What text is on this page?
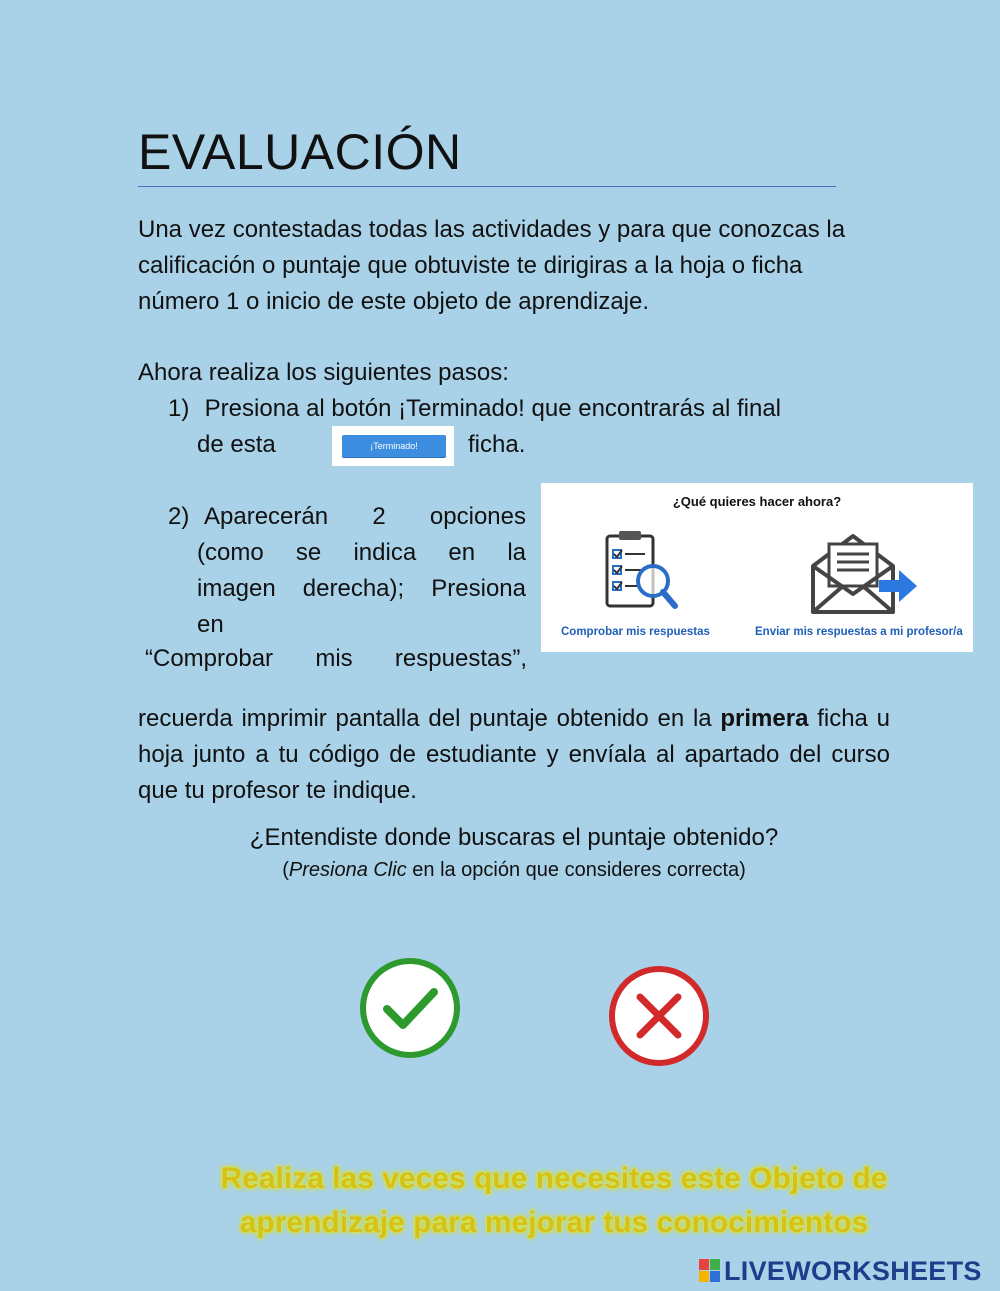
EVALUACIÓN

Una vez contestadas todas las actividades y para que conozcas la calificación o puntaje que obtuviste te dirigiras a la hoja o ficha número 1 o inicio de este objeto de aprendizaje.

Ahora realiza los siguientes pasos:

1) Presiona al botón ¡Terminado! que encontrarás al final
de esta	¡Terminado!	ficha.
2) Aparecerán 2 opciones
(como se indica en la
imagen derecha); Presiona
en
“Comprobar mis respuestas”,

recuerda imprimir pantalla del puntaje obtenido en la primera ficha u hoja junto a tu código de estudiante y envíala al apartado del curso que tu profesor te indique.

¿Qué quieres hacer ahora?
Comprobar mis respuestas	Enviar mis respuestas a mi profesor/a
¿Entendiste donde buscaras el puntaje obtenido?
(Presiona Clic en la opción que consideres correcta)
Realiza las veces que necesites este Objeto de
aprendizaje para mejorar tus conocimientos
LIVEWORKSHEETS
